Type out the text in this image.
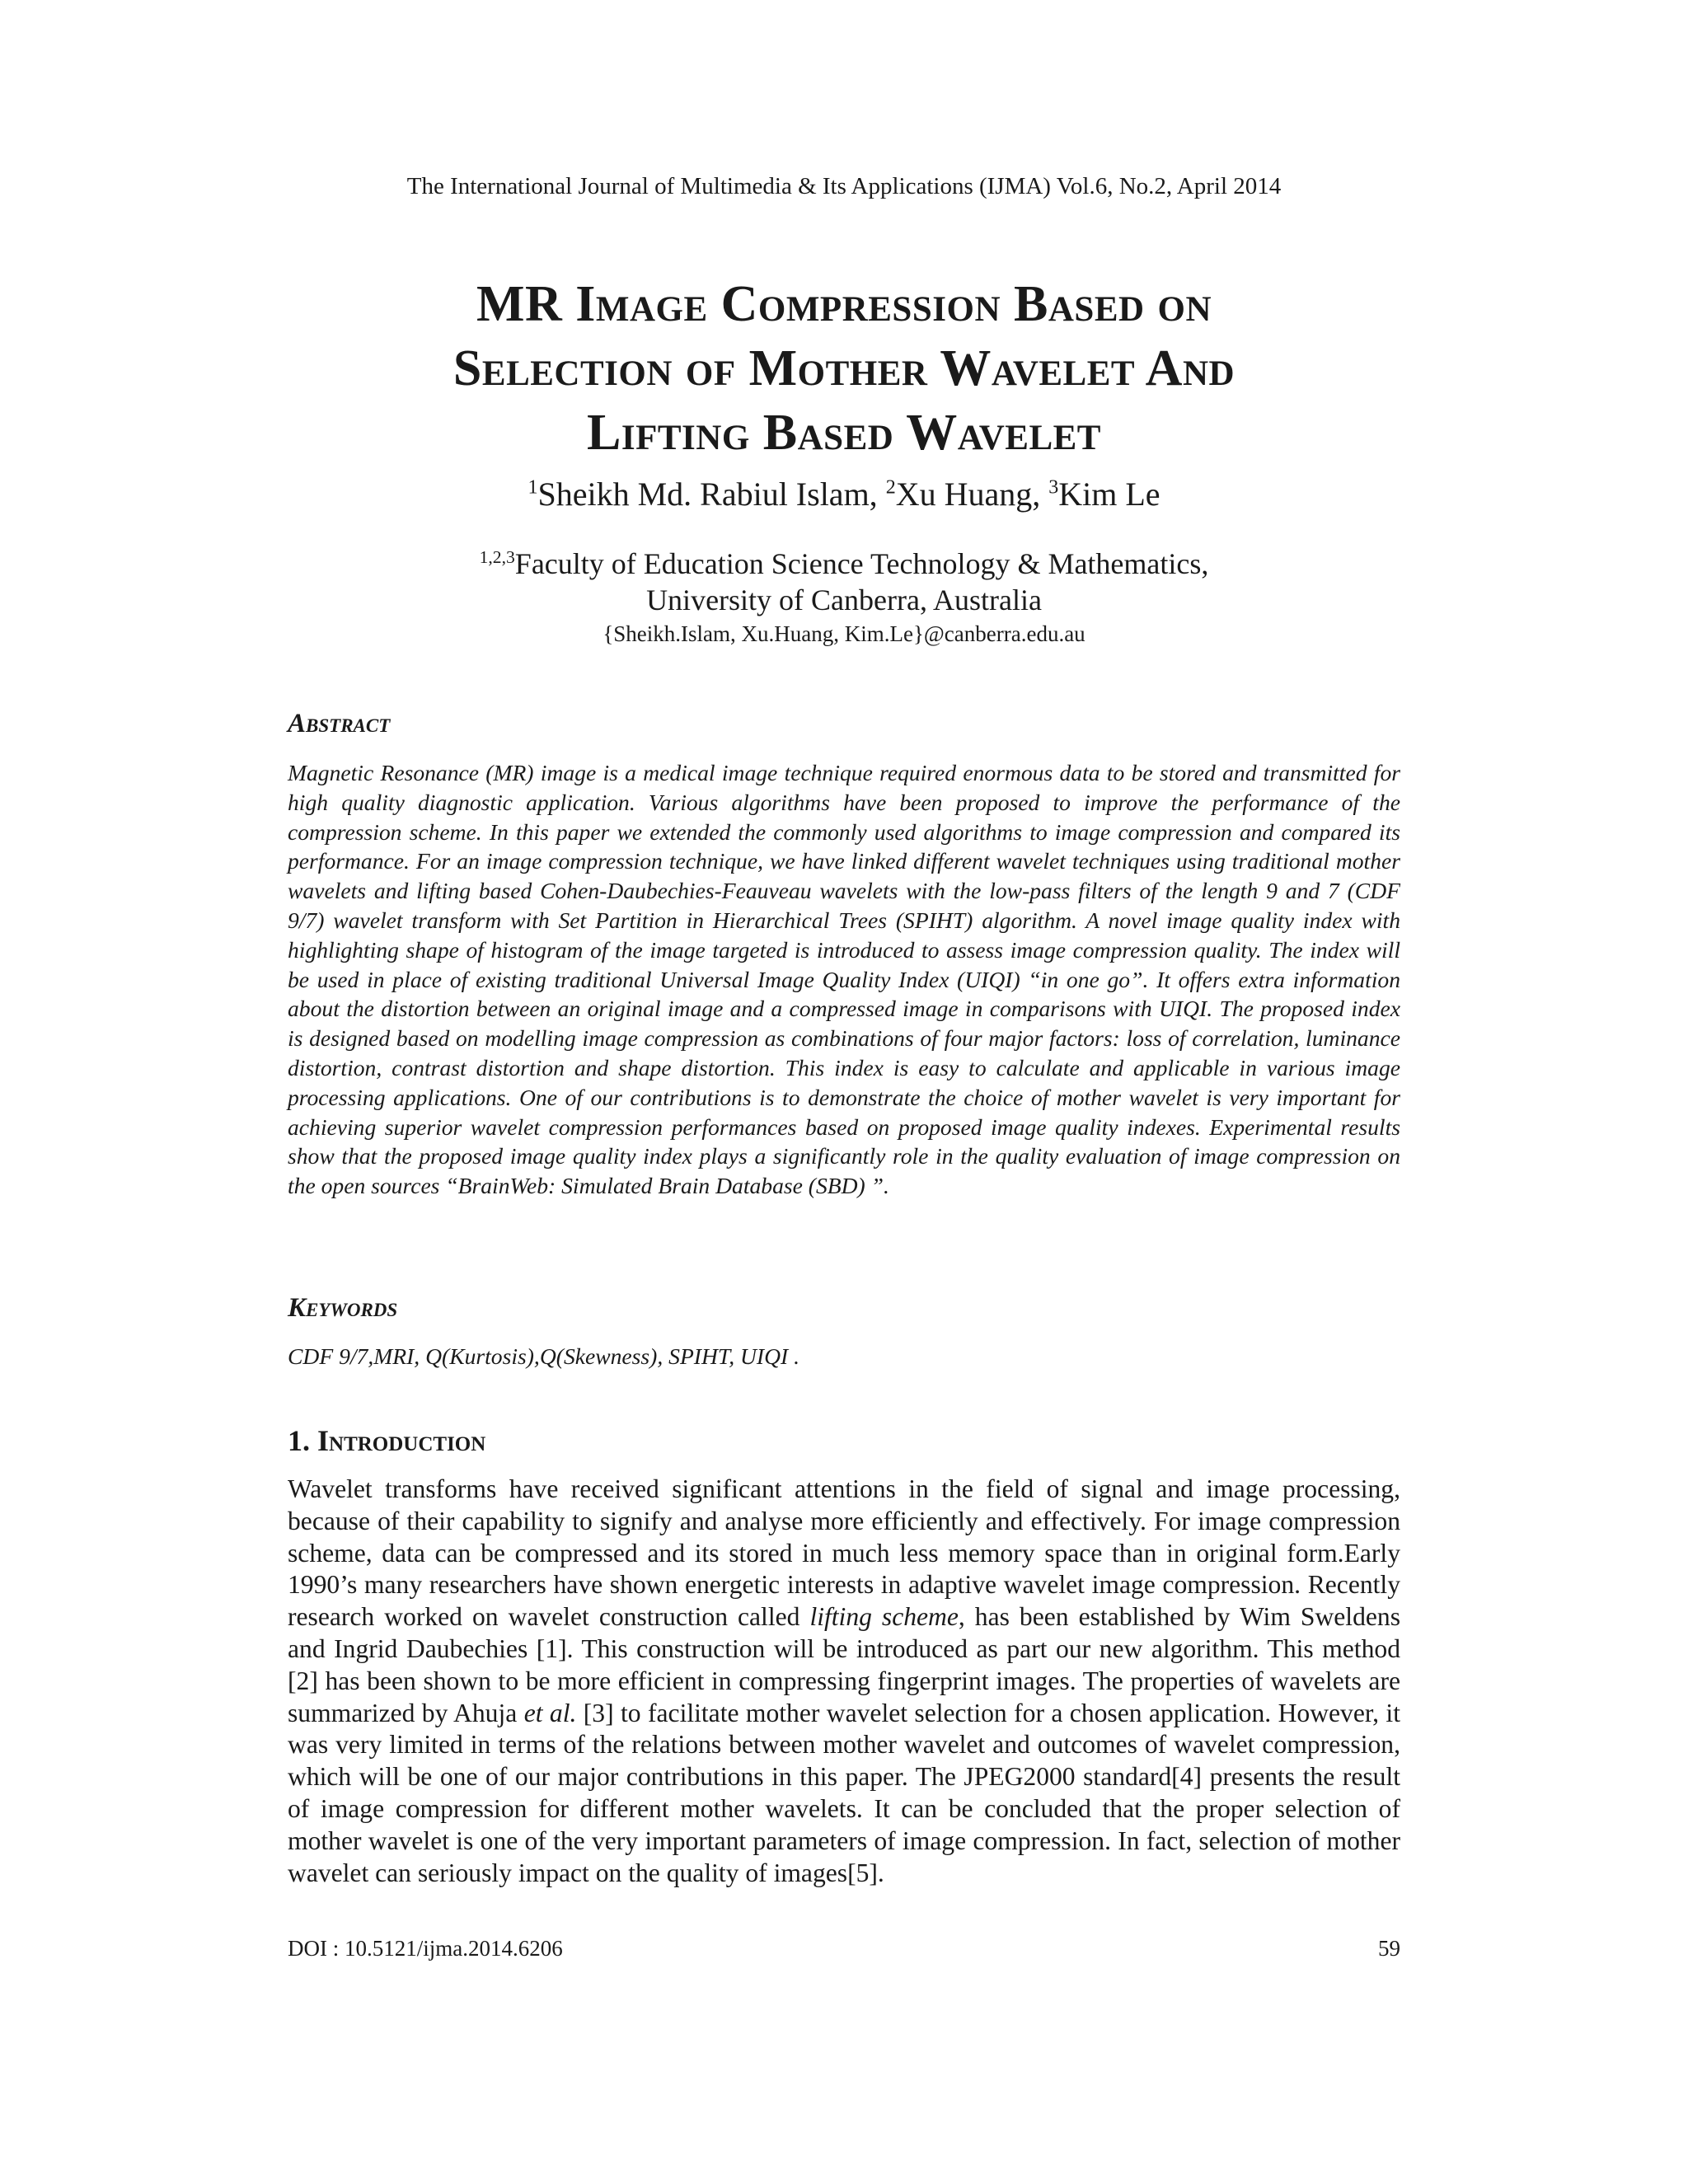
The International Journal of Multimedia & Its Applications (IJMA) Vol.6, No.2, April 2014
MR Image Compression Based on
Selection of Mother Wavelet And
Lifting Based Wavelet
$^1$Sheikh Md. Rabiul Islam, $^2$Xu Huang, $^3$Kim Le
$^{1,2,3}$Faculty of Education Science Technology & Mathematics,
University of Canberra, Australia
{Sheikh.Islam, Xu.Huang, Kim.Le}@canberra.edu.au
Abstract
Magnetic Resonance (MR) image is a medical image technique required enormous data to be stored and transmitted for high quality diagnostic application. Various algorithms have been proposed to improve the performance of the compression scheme. In this paper we extended the commonly used algorithms to image compression and compared its performance. For an image compression technique, we have linked different wavelet techniques using traditional mother wavelets and lifting based Cohen-Daubechies-Feauveau wavelets with the low-pass filters of the length 9 and 7 (CDF 9/7) wavelet transform with Set Partition in Hierarchical Trees (SPIHT) algorithm. A novel image quality index with highlighting shape of histogram of the image targeted is introduced to assess image compression quality. The index will be used in place of existing traditional Universal Image Quality Index (UIQI) “in one go”. It offers extra information about the distortion between an original image and a compressed image in comparisons with UIQI. The proposed index is designed based on modelling image compression as combinations of four major factors: loss of correlation, luminance distortion, contrast distortion and shape distortion. This index is easy to calculate and applicable in various image processing applications. One of our contributions is to demonstrate the choice of mother wavelet is very important for achieving superior wavelet compression performances based on proposed image quality indexes. Experimental results show that the proposed image quality index plays a significantly role in the quality evaluation of image compression on the open sources “BrainWeb: Simulated Brain Database (SBD) ”.
Keywords
CDF 9/7,MRI, Q(Kurtosis),Q(Skewness), SPIHT, UIQI .
1. Introduction
Wavelet transforms have received significant attentions in the field of signal and image processing, because of their capability to signify and analyse more efficiently and effectively. For image compression scheme, data can be compressed and its stored in much less memory space than in original form.Early 1990’s many researchers have shown energetic interests in adaptive wavelet image compression. Recently research worked on wavelet construction called lifting scheme, has been established by Wim Sweldens and Ingrid Daubechies [1]. This construction will be introduced as part our new algorithm. This method [2] has been shown to be more efficient in compressing fingerprint images. The properties of wavelets are summarized by Ahuja et al. [3] to facilitate mother wavelet selection for a chosen application. However, it was very limited in terms of the relations between mother wavelet and outcomes of wavelet compression, which will be one of our major contributions in this paper. The JPEG2000 standard[4] presents the result of image compression for different mother wavelets. It can be concluded that the proper selection of mother wavelet is one of the very important parameters of image compression. In fact, selection of mother wavelet can seriously impact on the quality of images[5].
DOI : 10.5121/ijma.2014.6206	59
